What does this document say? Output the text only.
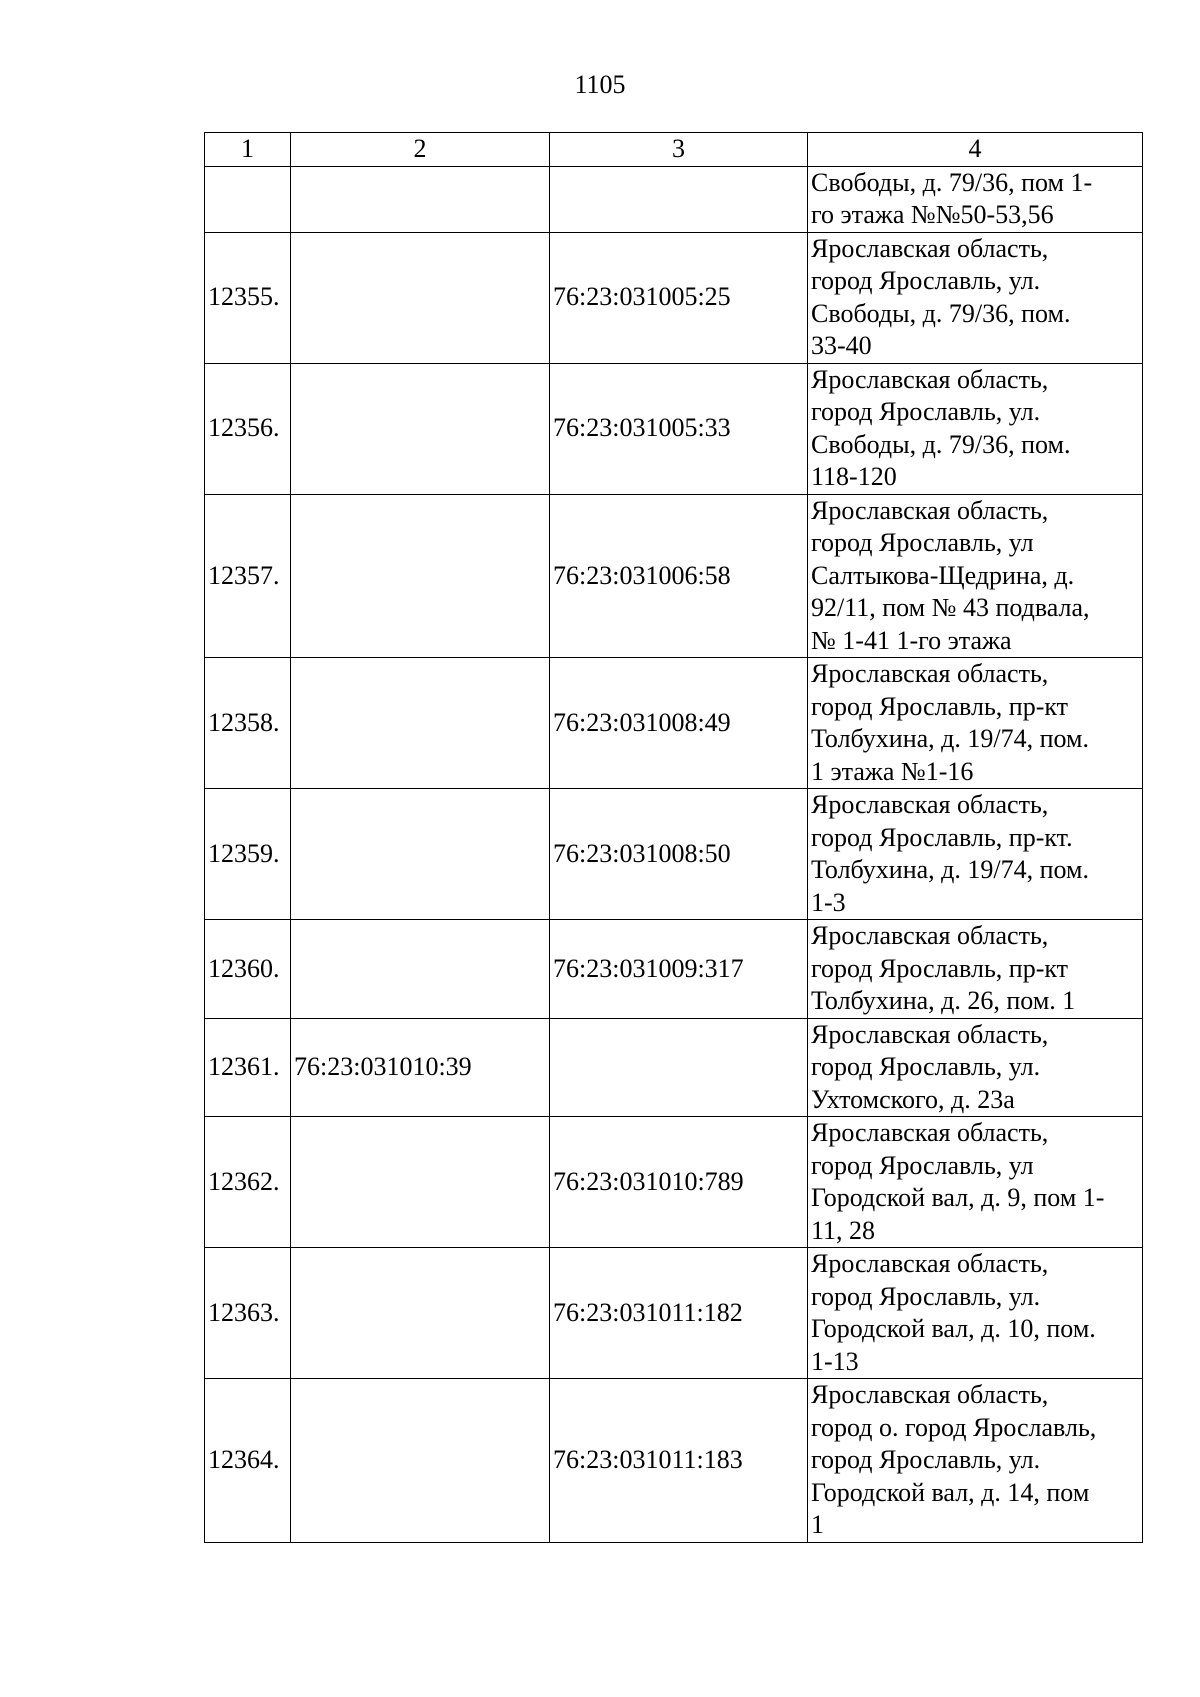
1105
1	2	3	4
			Свободы, д. 79/36, пом 1-
го этажа №№50-53,56
12355.		76:23:031005:25	Ярославская область,
город Ярославль, ул.
Свободы, д. 79/36, пом.
33-40
12356.		76:23:031005:33	Ярославская область,
город Ярославль, ул.
Свободы, д. 79/36, пом.
118-120
12357.		76:23:031006:58	Ярославская область,
город Ярославль, ул
Салтыкова-Щедрина, д.
92/11, пом № 43 подвала,
№ 1-41 1-го этажа
12358.		76:23:031008:49	Ярославская область,
город Ярославль, пр-кт
Толбухина, д. 19/74, пом.
1 этажа №1-16
12359.		76:23:031008:50	Ярославская область,
город Ярославль, пр-кт.
Толбухина, д. 19/74, пом.
1-3
12360.		76:23:031009:317	Ярославская область,
город Ярославль, пр-кт
Толбухина, д. 26, пом. 1
12361.	76:23:031010:39		Ярославская область,
город Ярославль, ул.
Ухтомского, д. 23а
12362.		76:23:031010:789	Ярославская область,
город Ярославль, ул
Городской вал, д. 9, пом 1-
11, 28
12363.		76:23:031011:182	Ярославская область,
город Ярославль, ул.
Городской вал, д. 10, пом.
1-13
12364.		76:23:031011:183	Ярославская область,
город о. город Ярославль,
город Ярославль, ул.
Городской вал, д. 14, пом
1
